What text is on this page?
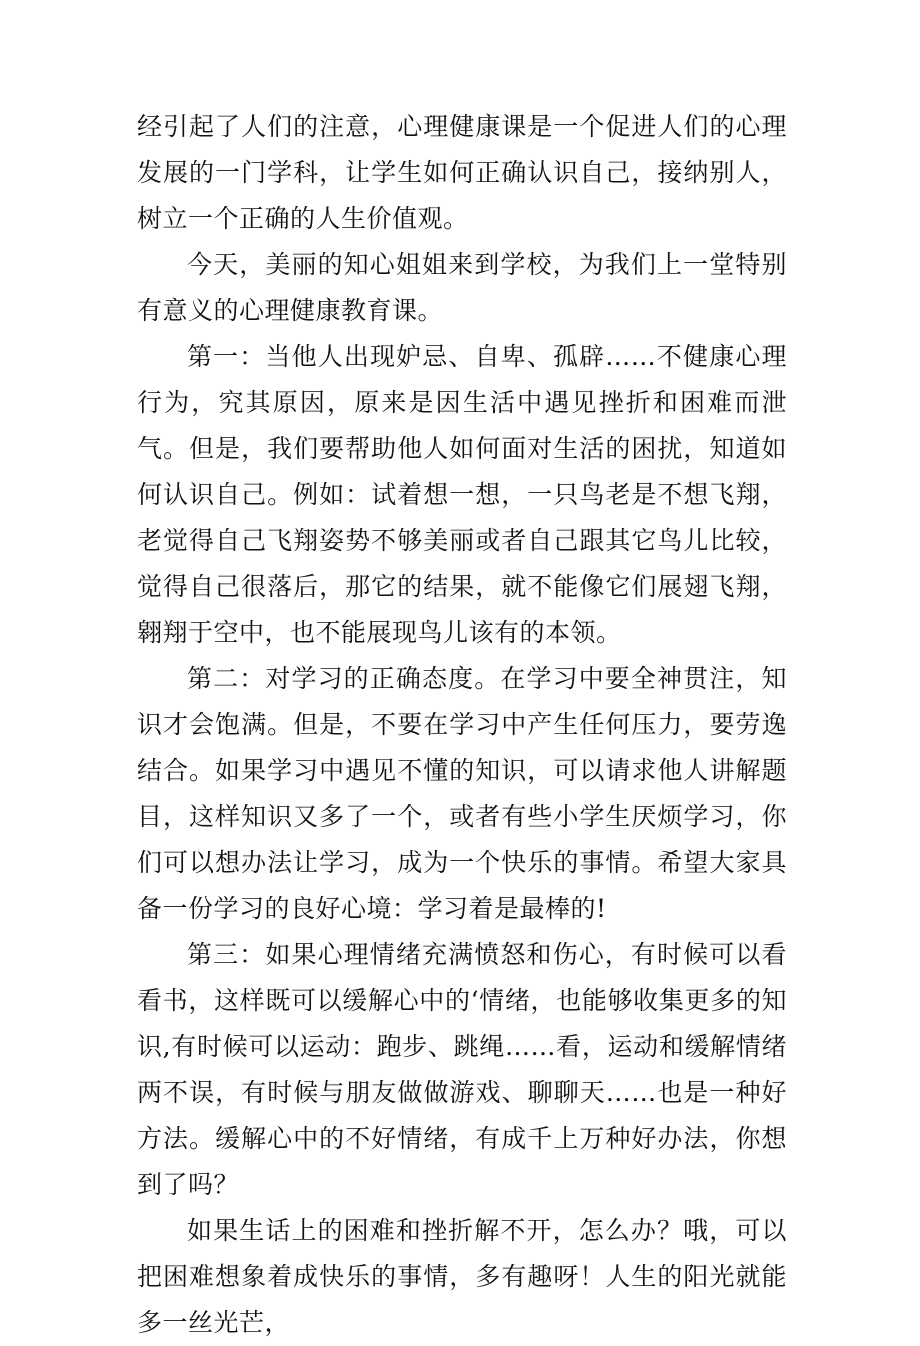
经引起了人们的注意，心理健康课是一个促进人们的心理发展的一门学科，让学生如何正确认识自己，接纳别人，树立一个正确的人生价值观。

今天，美丽的知心姐姐来到学校，为我们上一堂特别有意义的心理健康教育课。

第一：当他人出现妒忌、自卑、孤辟……不健康心理行为，究其原因，原来是因生活中遇见挫折和困难而泄气。但是，我们要帮助他人如何面对生活的困扰，知道如何认识自己。例如：试着想一想，一只鸟老是不想飞翔，老觉得自己飞翔姿势不够美丽或者自己跟其它鸟儿比较，觉得自己很落后，那它的结果，就不能像它们展翅飞翔，翱翔于空中，也不能展现鸟儿该有的本领。

第二：对学习的正确态度。在学习中要全神贯注，知识才会饱满。但是，不要在学习中产生任何压力，要劳逸结合。如果学习中遇见不懂的知识，可以请求他人讲解题目，这样知识又多了一个，或者有些小学生厌烦学习，你们可以想办法让学习，成为一个快乐的事情。希望大家具备一份学习的良好心境：学习着是最棒的!

第三：如果心理情绪充满愤怒和伤心，有时候可以看看书，这样既可以缓解心中的‘情绪，也能够收集更多的知识,有时候可以运动：跑步、跳绳……看，运动和缓解情绪两不误，有时候与朋友做做游戏、聊聊天……也是一种好方法。缓解心中的不好情绪，有成千上万种好办法，你想到了吗？

如果生话上的困难和挫折解不开，怎么办？哦，可以把困难想象着成快乐的事情，多有趣呀！人生的阳光就能多一丝光芒，
